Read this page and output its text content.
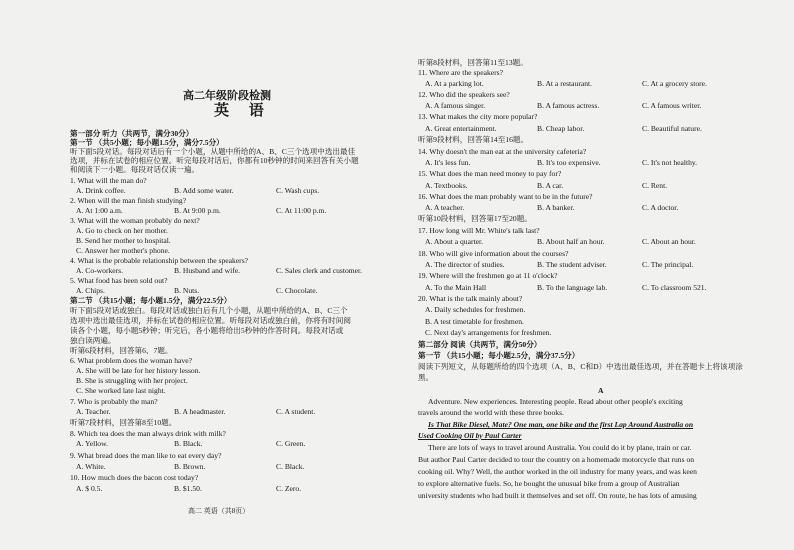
高二年级阶段检测
英 语
第一部分 听力（共两节，满分30分）
第一节 （共5小题；每小题1.5分，满分7.5分）
听下面5段对话。每段对话后有一个小题，从题中所给的A、B、C三个选项中选出最佳
选项，并标在试卷的相应位置。听完每段对话后，你都有10秒钟的时间来回答有关小题
和阅读下一小题。每段对话仅读一遍。
1. What will the man do?
A. Drink coffee.	B. Add some water.	C. Wash cups.
2. When will the man finish studying?
A. At 1:00 a.m.	B. At 9:00 p.m.	C. At 11:00 p.m.
3. What will the woman probably do next?
A. Go to check on her mother.
B. Send her mother to hospital.
C. Answer her mother's phone.
4. What is the probable relationship between the speakers?
A. Co-workers.	B. Husband and wife.	C. Sales clerk and customer.
5. What food has been sold out?
A. Chips.	B. Nuts.	C. Chocolate.
第二节 （共15小题；每小题1.5分，满分22.5分）
听下面5段对话或独白。每段对话或独白后有几个小题，从题中所给的A、B、C三个
选项中选出最佳选项，并标在试卷的相应位置。听每段对话或独白前，你将有时间阅
读各个小题，每小题5秒钟；听完后，各小题将给出5秒钟的作答时间。每段对话或
独白读两遍。
听第6段材料，回答第6、7题。
6. What problem does the woman have?
A. She will be late for her history lesson.
B. She is struggling with her project.
C. She worked late last night.
7. Who is probably the man?
A. Teacher.	B. A headmaster.	C. A student.
听第7段材料，回答第8至10题。
8. Which tea does the man always drink with milk?
A. Yellow.	B. Black.	C. Green.
9. What bread does the man like to eat every day?
A. White.	B. Brown.	C. Black.
10. How much does the bacon cost today?
A. $ 0.5.	B. $1.50.	C. Zero.
高二 英语（共8页）
听第8段材料，回答第11至13题。
11. Where are the speakers?
A. At a parking lot.	B. At a restaurant.	C. At a grocery store.
12. Who did the speakers see?
A. A famous singer.	B. A famous actress.	C. A famous writer.
13. What makes the city more popular?
A. Great entertainment.	B. Cheap labor.	C. Beautiful nature.
听第9段材料，回答第14至16题。
14. Why doesn't the man eat at the university cafeteria?
A. It's less fun.	B. It's too expensive.	C. It's not healthy.
15. What does the man need money to pay for?
A. Textbooks.	B. A car.	C. Rent.
16. What does the man probably want to be in the future?
A. A teacher.	B. A banker.	C. A doctor.
听第10段材料，回答第17至20题。
17. How long will Mr. White's talk last?
A. About a quarter.	B. About half an hour.	C. About an hour.
18. Who will give information about the courses?
A. The director of studies.	B. The student adviser.	C. The principal.
19. Where will the freshmen go at 11 o'clock?
A. To the Main Hall	B. To the language lab.	C. To classroom 521.
20. What is the talk mainly about?
A. Daily schedules for freshmen.
B. A test timetable for freshmen.
C. Next day's arrangements for freshmen.
第二部分 阅读（共两节，满分50分）
第一节 （共15小题；每小题2.5分，满分37.5分）
阅读下列短文，从每题所给的四个选项（A、B、C和D）中选出最佳选项，并在答题卡上将该项涂
黑。
A
Adventure. New experiences. Interesting people. Read about other people's exciting
travels around the world with these three books.
Is That Bike Diesel, Mate? One man, one bike and the first Lap Around Australia on
Used Cooking Oil by Paul Carter
There are lots of ways to travel around Australia. You could do it by plane, train or car.
But author Paul Carter decided to tour the country on a homemade motorcycle that runs on
cooking oil. Why? Well, the author worked in the oil industry for many years, and was keen
to explore alternative fuels. So, he bought the unusual bike from a group of Australian
university students who had built it themselves and set off. On route, he has lots of amusing
